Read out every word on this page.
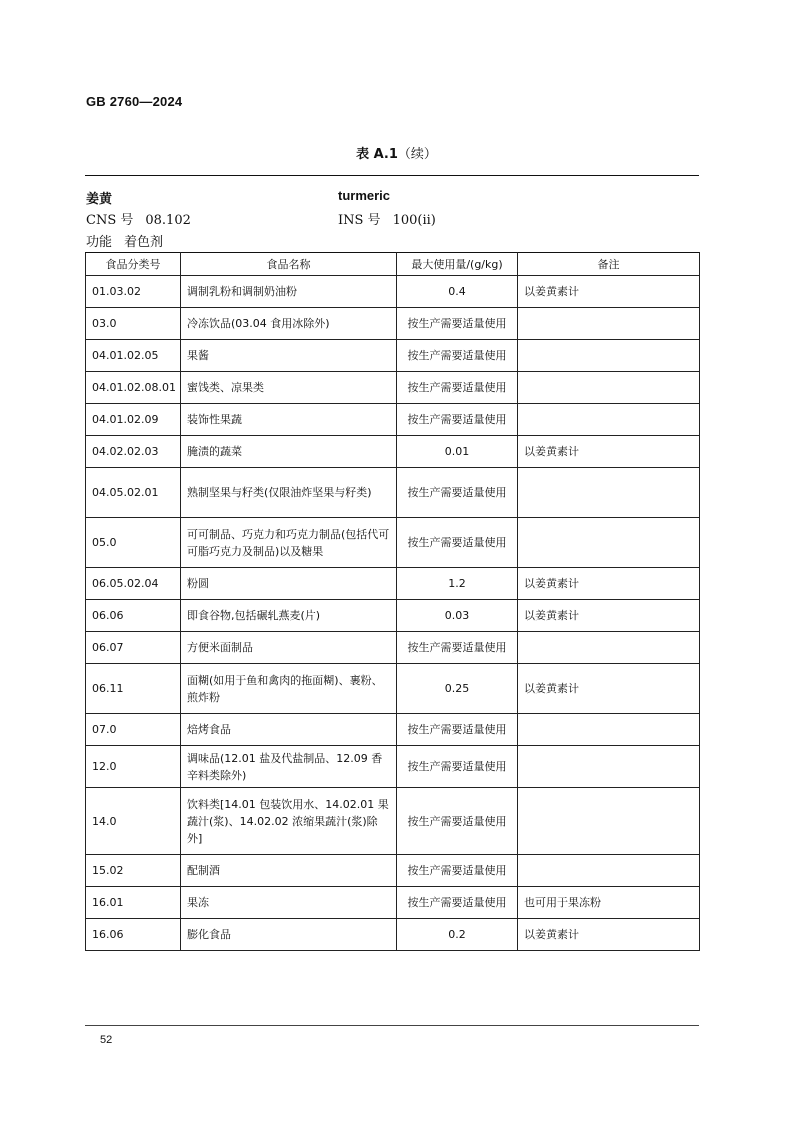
GB 2760—2024
表 A.1（续）
姜黄	turmeric
CNS 号 08.102	INS 号 100(ii)
功能 着色剂
食品分类号	食品名称	最大使用量/(g/kg)	备注
01.03.02	调制乳粉和调制奶油粉	0.4	以姜黄素计
03.0	冷冻饮品(03.04 食用冰除外)	按生产需要适量使用	
04.01.02.05	果酱	按生产需要适量使用	
04.01.02.08.01	蜜饯类、凉果类	按生产需要适量使用	
04.01.02.09	装饰性果蔬	按生产需要适量使用	
04.02.02.03	腌渍的蔬菜	0.01	以姜黄素计
04.05.02.01	熟制坚果与籽类(仅限油炸坚果与籽类)	按生产需要适量使用	
05.0	可可制品、巧克力和巧克力制品(包括代可可脂巧克力及制品)以及糖果	按生产需要适量使用	
06.05.02.04	粉圆	1.2	以姜黄素计
06.06	即食谷物,包括碾轧燕麦(片)	0.03	以姜黄素计
06.07	方便米面制品	按生产需要适量使用	
06.11	面糊(如用于鱼和禽肉的拖面糊)、裹粉、煎炸粉	0.25	以姜黄素计
07.0	焙烤食品	按生产需要适量使用	
12.0	调味品(12.01 盐及代盐制品、12.09 香辛料类除外)	按生产需要适量使用	
14.0	饮料类[14.01 包装饮用水、14.02.01 果蔬汁(浆)、14.02.02 浓缩果蔬汁(浆)除外]	按生产需要适量使用	
15.02	配制酒	按生产需要适量使用	
16.01	果冻	按生产需要适量使用	也可用于果冻粉
16.06	膨化食品	0.2	以姜黄素计
52
